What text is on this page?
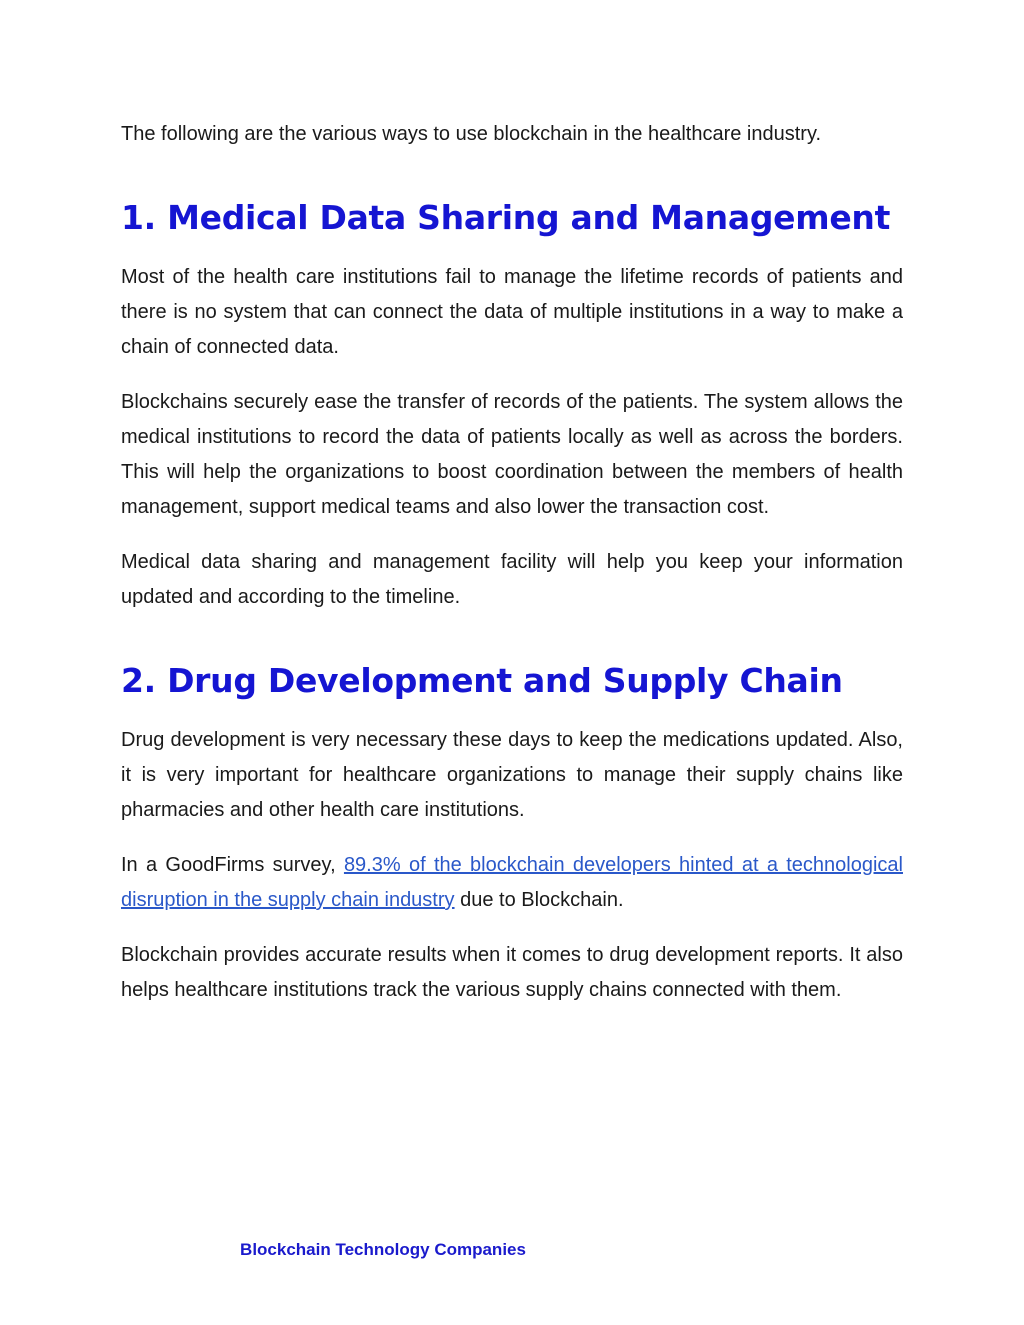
The following are the various ways to use blockchain in the healthcare industry.

1. Medical Data Sharing and Management

Most of the health care institutions fail to manage the lifetime records of patients and there is no system that can connect the data of multiple institutions in a way to make a chain of connected data.

Blockchains securely ease the transfer of records of the patients. The system allows the medical institutions to record the data of patients locally as well as across the borders. This will help the organizations to boost coordination between the members of health management, support medical teams and also lower the transaction cost.

Medical data sharing and management facility will help you keep your information updated and according to the timeline.

2. Drug Development and Supply Chain

Drug development is very necessary these days to keep the medications updated. Also, it is very important for healthcare organizations to manage their supply chains like pharmacies and other health care institutions.

In a GoodFirms survey, 89.3% of the blockchain developers hinted at a technological disruption in the supply chain industry due to Blockchain.

Blockchain provides accurate results when it comes to drug development reports. It also helps healthcare institutions track the various supply chains connected with them.

Blockchain Technology Companies
